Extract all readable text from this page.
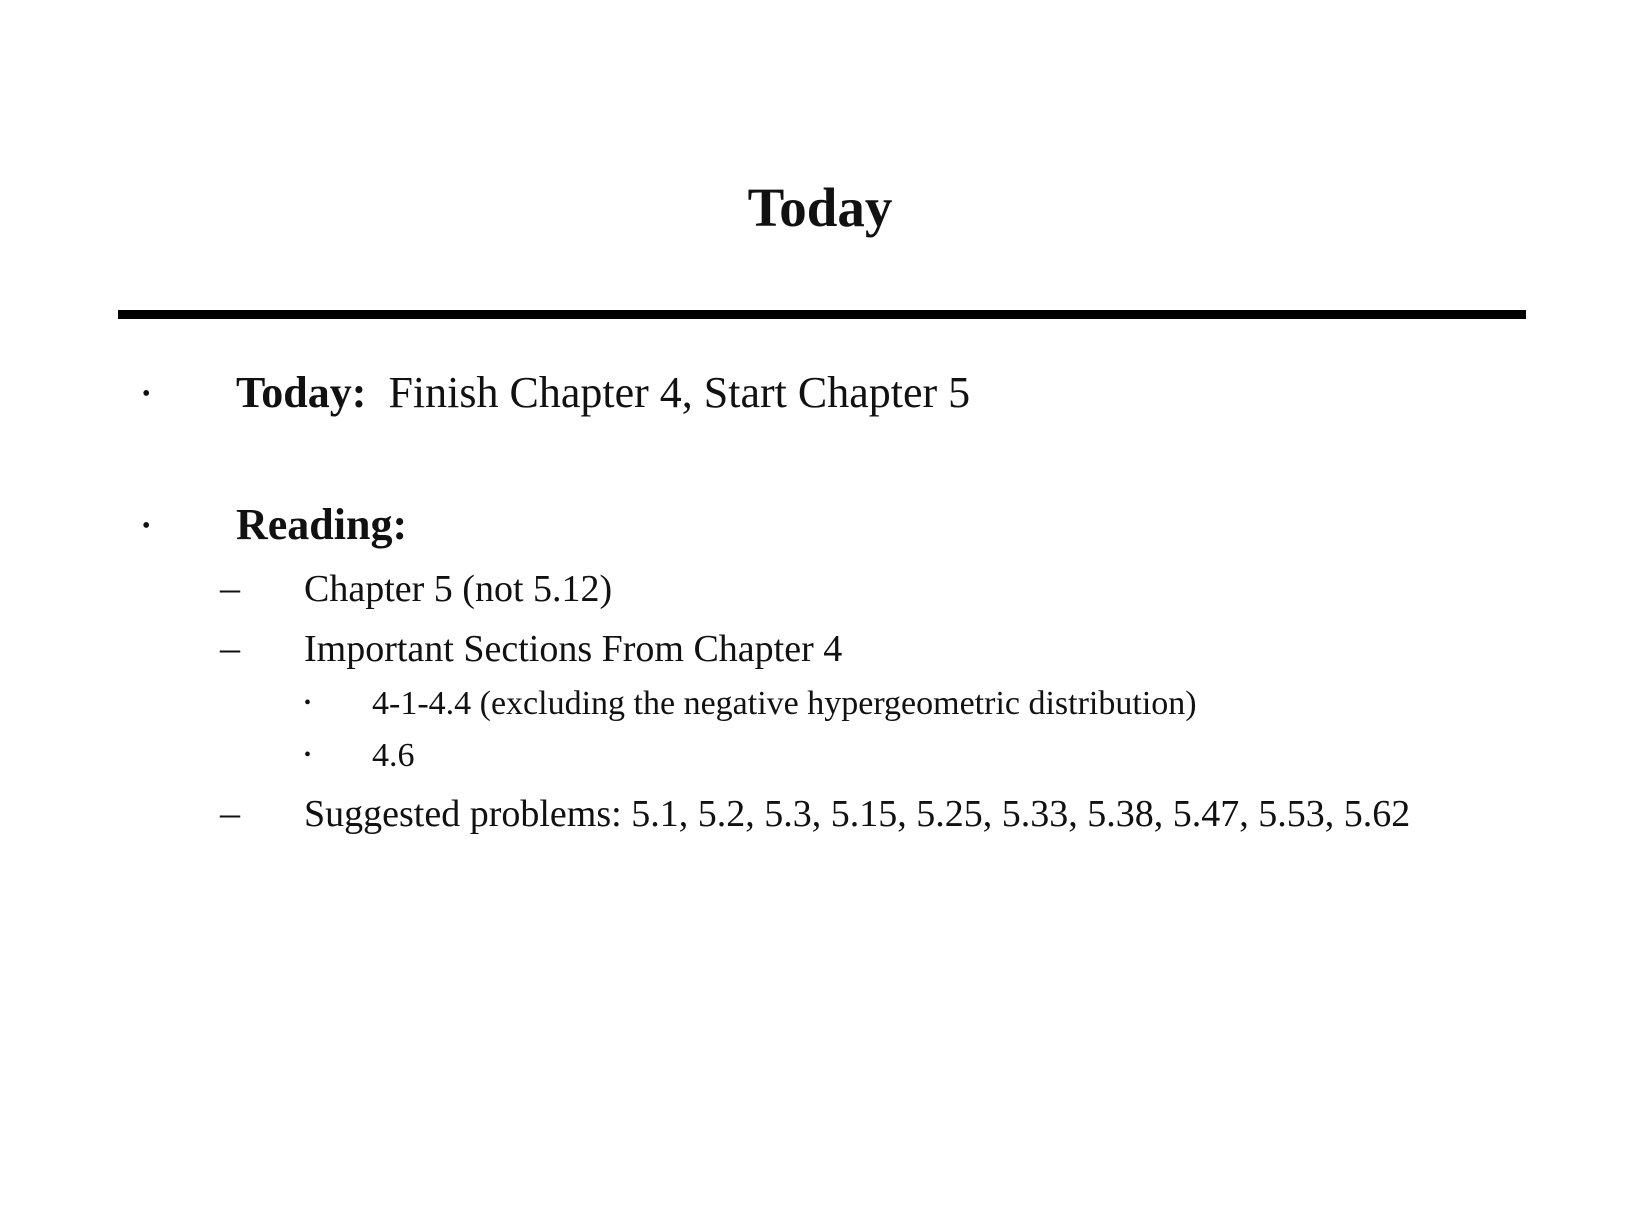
Today
• Today: Finish Chapter 4, Start Chapter 5
• Reading:
– Chapter 5 (not 5.12)
– Important Sections From Chapter 4
• 4-1-4.4 (excluding the negative hypergeometric distribution)
• 4.6
– Suggested problems: 5.1, 5.2, 5.3, 5.15, 5.25, 5.33, 5.38, 5.47, 5.53, 5.62
